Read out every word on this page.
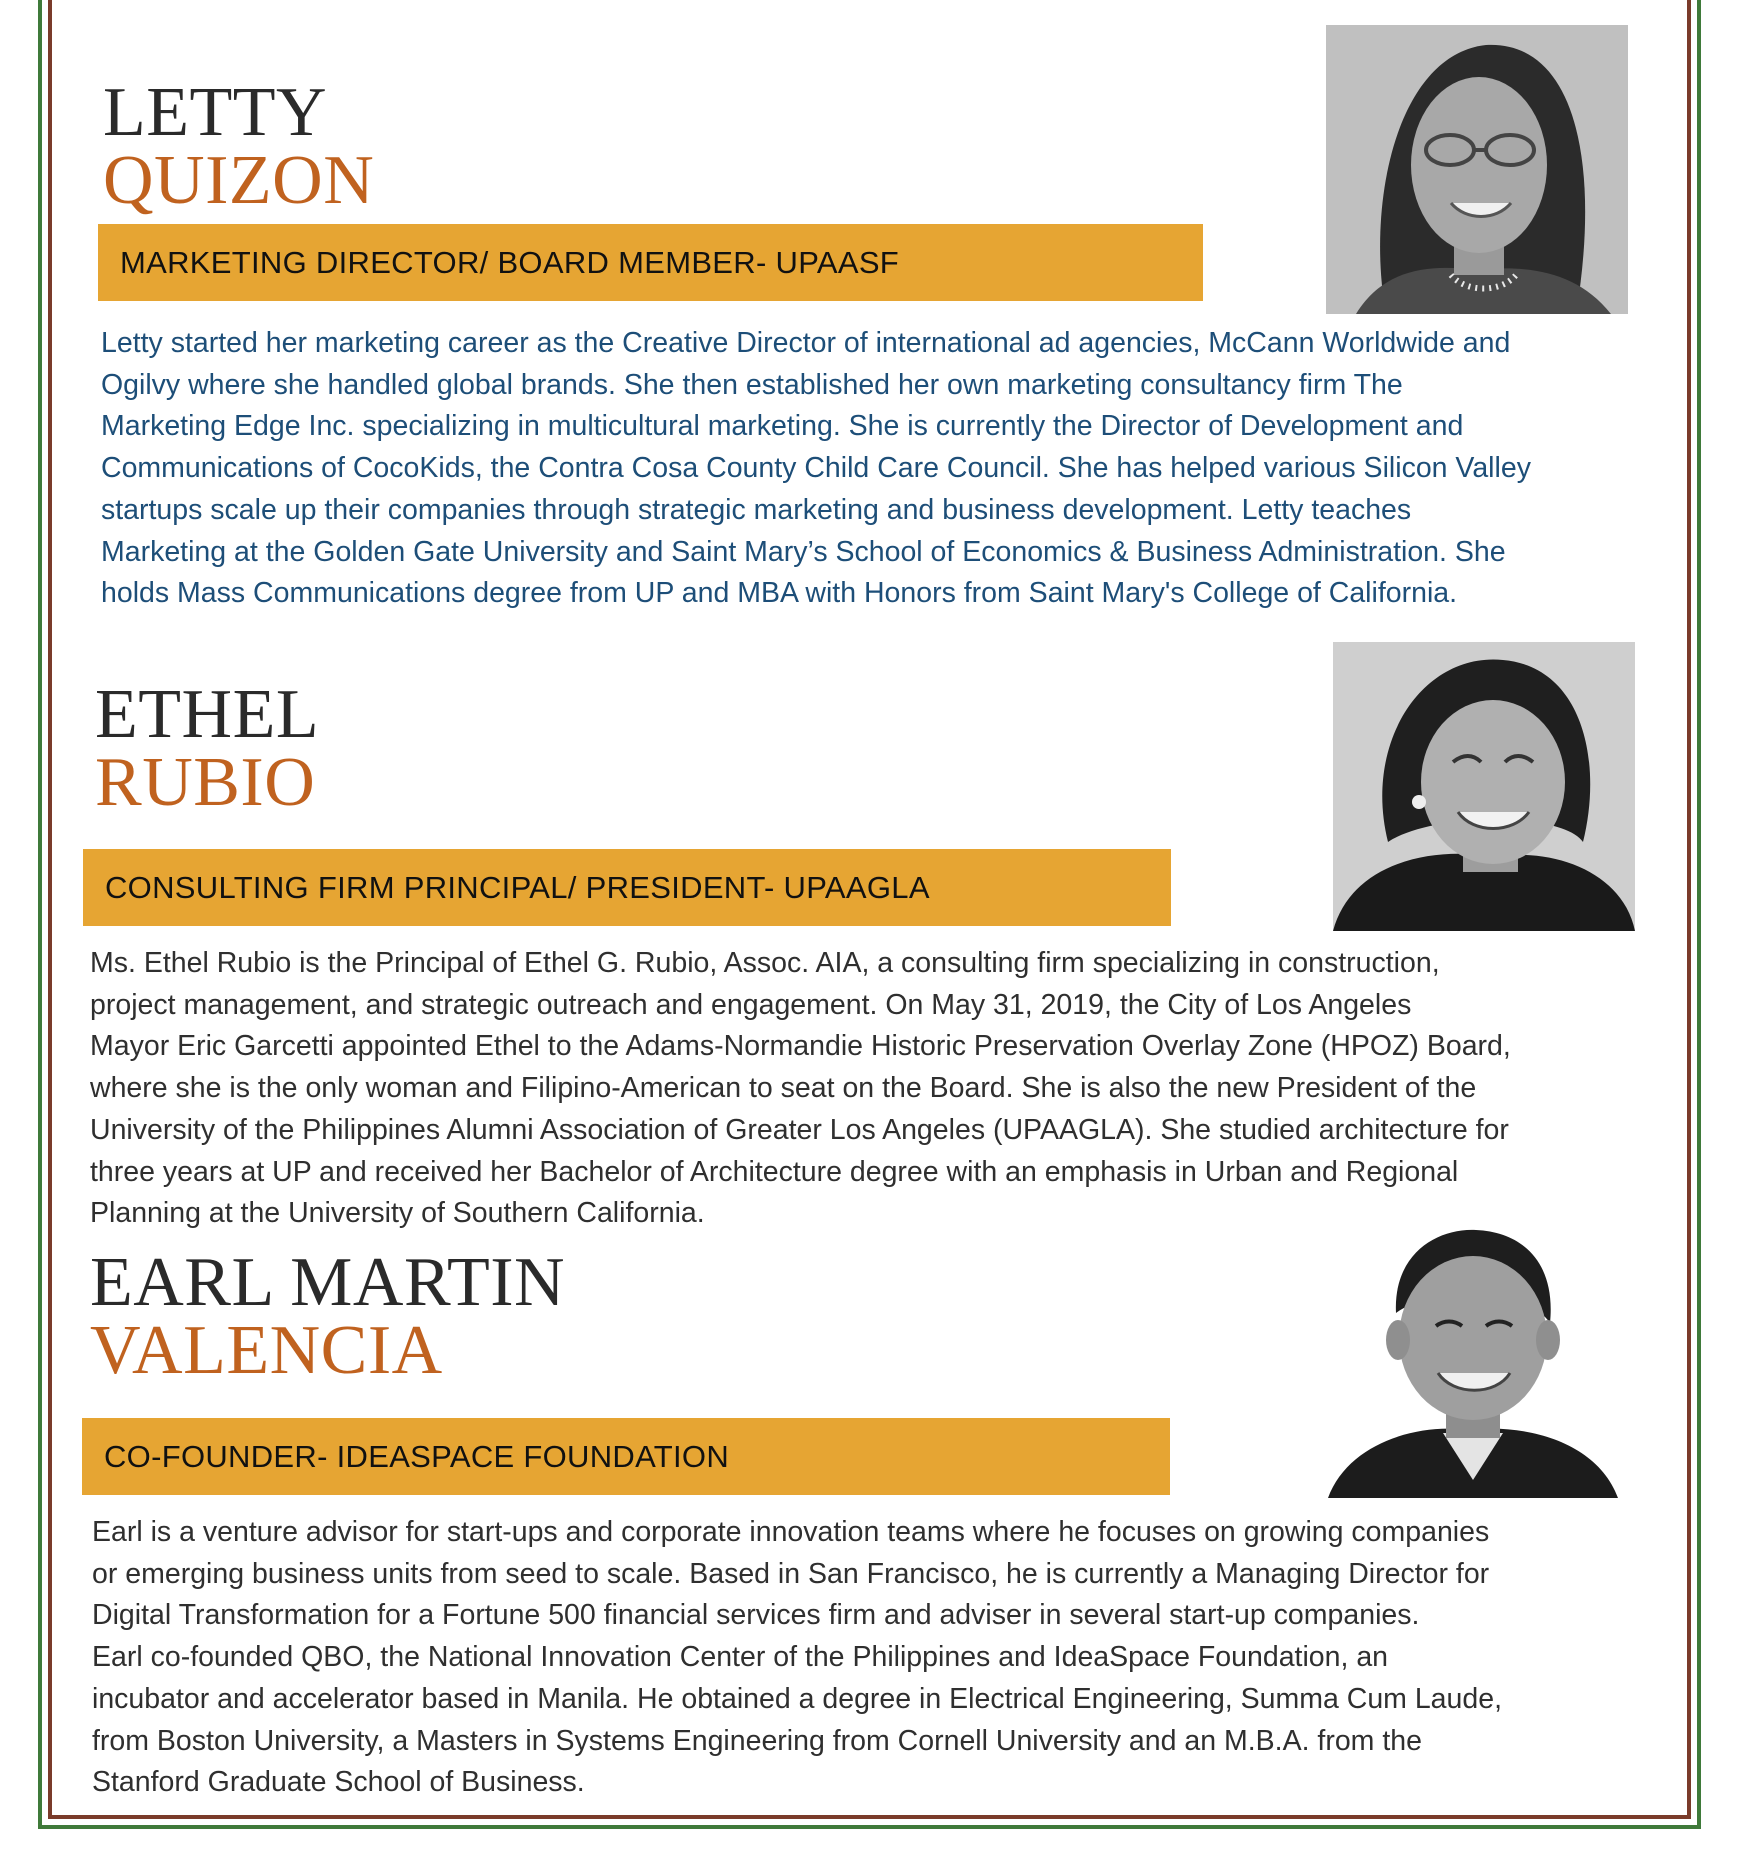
LETTY
QUIZON
MARKETING DIRECTOR/ BOARD MEMBER- UPAASF

Letty started her marketing career as the Creative Director of international ad agencies, McCann Worldwide and
Ogilvy where she handled global brands. She then established her own marketing consultancy firm The
Marketing Edge Inc. specializing in multicultural marketing. She is currently the Director of Development and
Communications of CocoKids, the Contra Cosa County Child Care Council. She has helped various Silicon Valley
startups scale up their companies through strategic marketing and business development. Letty teaches
Marketing at the Golden Gate University and Saint Mary’s School of Economics & Business Administration. She
holds Mass Communications degree from UP and MBA with Honors from Saint Mary's College of California.

ETHEL
RUBIO
CONSULTING FIRM PRINCIPAL/ PRESIDENT- UPAAGLA

Ms. Ethel Rubio is the Principal of Ethel G. Rubio, Assoc. AIA, a consulting firm specializing in construction,
project management, and strategic outreach and engagement. On May 31, 2019, the City of Los Angeles
Mayor Eric Garcetti appointed Ethel to the Adams-Normandie Historic Preservation Overlay Zone (HPOZ) Board,
where she is the only woman and Filipino-American to seat on the Board. She is also the new President of the
University of the Philippines Alumni Association of Greater Los Angeles (UPAAGLA). She studied architecture for
three years at UP and received her Bachelor of Architecture degree with an emphasis in Urban and Regional
Planning at the University of Southern California.

EARL MARTIN
VALENCIA
CO-FOUNDER- IDEASPACE FOUNDATION

Earl is a venture advisor for start-ups and corporate innovation teams where he focuses on growing companies
or emerging business units from seed to scale. Based in San Francisco, he is currently a Managing Director for
Digital Transformation for a Fortune 500 financial services firm and adviser in several start-up companies.
Earl co-founded QBO, the National Innovation Center of the Philippines and IdeaSpace Foundation, an
incubator and accelerator based in Manila. He obtained a degree in Electrical Engineering, Summa Cum Laude,
from Boston University, a Masters in Systems Engineering from Cornell University and an M.B.A. from the
Stanford Graduate School of Business.
